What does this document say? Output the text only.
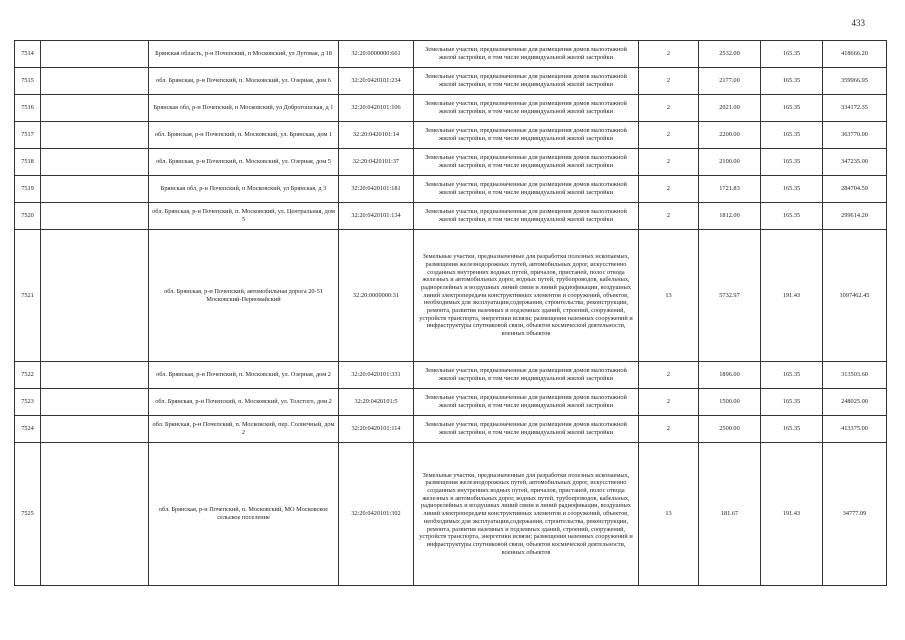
433
7514		Брянская область, р-н Почепский, п Московский, ул Луговая, д 18	32:20:0000000:661	Земельные участки, предназначенные для размещения домов малоэтажной жилой застройки, в том числе индивидуальной жилой застройки	2	2532.00	165.35	418666.20
7515		обл. Брянская, р-н Почепский, п. Московский, ул. Озерная, дом 6	32:20:0420101:234	Земельные участки, предназначенные для размещения домов малоэтажной жилой застройки, в том числе индивидуальной жилой застройки	2	2177.00	165.35	359966.95
7516		Брянская обл, р-н Почепский, п Московский, ул Доброгошская, д 1	32:20:0420101:106	Земельные участки, предназначенные для размещения домов малоэтажной жилой застройки, в том числе индивидуальной жилой застройки	2	2021.00	165.35	334172.35
7517		обл. Брянская, р-н Почепский, п. Московский, ул. Брянская, дом 1	32:20:0420101:14	Земельные участки, предназначенные для размещения домов малоэтажной жилой застройки, в том числе индивидуальной жилой застройки	2	2200.00	165.35	363770.00
7518		обл. Брянская, р-н Почепский, п. Московский, ул. Озерная, дом 5	32:20:0420101:37	Земельные участки, предназначенные для размещения домов малоэтажной жилой застройки, в том числе индивидуальной жилой застройки	2	2100.00	165.35	347235.00
7519		Брянская обл, р-н Почепский, п Московский, ул Брянская, д 3	32:20:0420101:181	Земельные участки, предназначенные для размещения домов малоэтажной жилой застройки, в том числе индивидуальной жилой застройки	2	1721.83	165.35	284704.59
7520		обл. Брянская, р-н Почепский, п. Московский, ул. Центральная, дом 5	32:20:0420101:134	Земельные участки, предназначенные для размещения домов малоэтажной жилой застройки, в том числе индивидуальной жилой застройки	2	1812.00	165.35	299614.20
7521		обл. Брянская, р-н Почепский, автомобильная дорога 20-51 Московский-Первомайский	32:20:0000000:31	Земельные участки, предназначенные для разработки полезных ископаемых, размещения железнодорожных путей, автомобильных дорог, искусственно созданных внутренних водных путей, причалов, пристаней, полос отвода железных и автомобильных дорог, водных путей, трубопроводов, кабельных, радиорелейных и воздушных линий связи и линий радиофикации, воздушных линий электропередачи конструктивных элементов и сооружений, объектов, необходимых для эксплуатации,содержания, строительства, реконструкции, ремонта, развития наземных и подземных зданий, строений, сооружений, устройств транспорта, энергетики исвязи; размещения наземных сооружений и инфраструктуры спутниковой связи, объектов космической деятельности, военных объектов	13	5732.97	191.43	1097462.45
7522		обл. Брянская, р-н Почепский, п. Московский, ул. Озерная, дом 2	32:20:0420101:331	Земельные участки, предназначенные для размещения домов малоэтажной жилой застройки, в том числе индивидуальной жилой застройки	2	1896.00	165.35	313503.60
7523		обл. Брянская, р-н Почепский, п. Московский, ул. Толстого, дом 2	32:20:0420101:5	Земельные участки, предназначенные для размещения домов малоэтажной жилой застройки, в том числе индивидуальной жилой застройки	2	1500.00	165.35	248025.00
7524		обл. Брянская, р-н Почепский, п. Московский, пер. Солнечный, дом 2	32:20:0420101:114	Земельные участки, предназначенные для размещения домов малоэтажной жилой застройки, в том числе индивидуальной жилой застройки	2	2500.00	165.35	413375.00
7525		обл. Брянская, р-н Почепский, п. Московский, МО Московское сельское поселение	32:20:0420101:302	Земельные участки, предназначенные для разработки полезных ископаемых, размещения железнодорожных путей, автомобильных дорог, искусственно созданных внутренних водных путей, причалов, пристаней, полос отвода железных и автомобильных дорог, водных путей, трубопроводов, кабельных, радиорелейных и воздушных линий связи и линий радиофикации, воздушных линий электропередачи конструктивных элементов и сооружений, объектов, необходимых для эксплуатации,содержания, строительства, реконструкции, ремонта, развития наземных и подземных зданий, строений, сооружений, устройств транспорта, энергетики исвязи; размещения наземных сооружений и инфраструктуры спутниковой связи, объектов космической деятельности, военных объектов	13	181.67	191.43	34777.09
